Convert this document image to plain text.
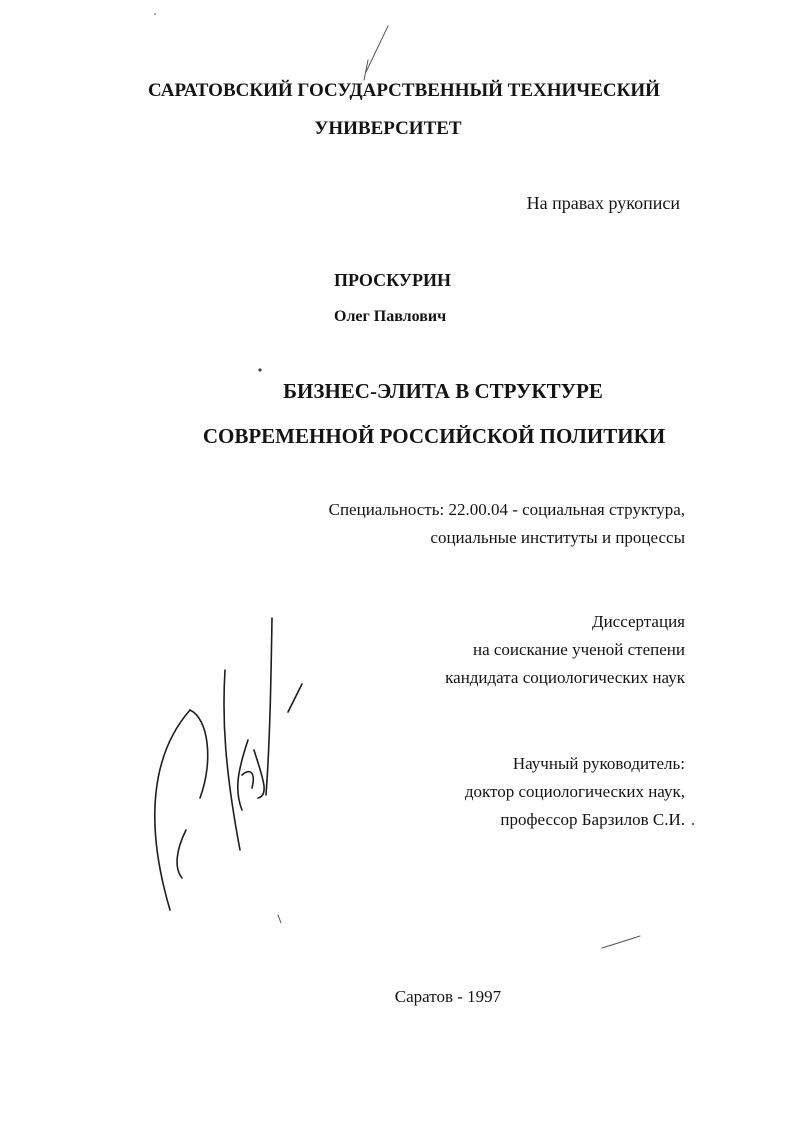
САРАТОВСКИЙ ГОСУДАРСТВЕННЫЙ ТЕХНИЧЕСКИЙ

УНИВЕРСИТЕТ

На правах рукописи

ПРОСКУРИН

Олег Павлович

БИЗНЕС-ЭЛИТА В СТРУКТУРЕ

СОВРЕМЕННОЙ РОССИЙСКОЙ ПОЛИТИКИ

Специальность: 22.00.04 - социальная структура,

социальные институты и процессы

Диссертация

на соискание ученой степени

кандидата социологических наук

Научный руководитель:

доктор социологических наук,

профессор Барзилов С.И.

Саратов - 1997
